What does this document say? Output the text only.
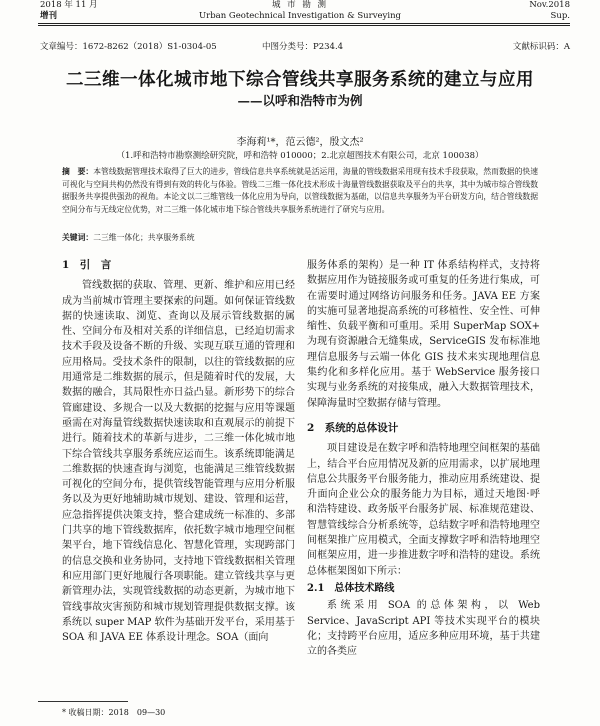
2018 年 11 月
增刊
城 市 勘 测
Urban Geotechnical Investigation & Surveying
Nov.2018
Sup.
文章编号：1672-8262（2018）S1-0304-05	中图分类号：P234.4	文献标识码：A
二三维一体化城市地下综合管线共享服务系统的建立与应用
——以呼和浩特市为例
李海莉¹*，范云德²，殷文杰²
（1.呼和浩特市勘察测绘研究院，呼和浩特 010000；2.北京超图技术有限公司，北京 100038）
摘　要：本管线数据管理技术取得了巨大的进步，管线信息共享系统就是活运用，海量的管线数据采用现有技术手段获取，然而数据的快速可视化与空间共构仍然没有得到有效的转化与体验。管线二三维一体化技术形成十海量管线数据获取及平台的共享，其中为城市综合管线数据服务共享提供强劲的视角。本论文以二三维管线一体化应用为导向，以管线数据为基础，以信息共享服务为平台研发方向，结合管线数据空间分布与无线定位优势，对二三维一体化城市地下综合管线共享服务系统进行了研究与应用。
关键词：二三维一体化；共享服务系统
1　引　言

管线数据的获取、管理、更新、维护和应用已经成为当前城市管理主要探索的问题。如何保证管线数据的快速读取、浏览、查询以及展示管线数据的属性、空间分布及相对关系的详细信息，已经迫切需求技术手段及设备不断的升级、实现互联互通的管理和应用格局。受技术条件的限制，以往的管线数据的应用通常是二维数据的展示，但是随着时代的发展，大数据的融合，其局限性亦日益凸显。新形势下的综合管廊建设、多规合一以及大数据的挖掘与应用等课题亟需在对海量管线数据快速读取和直观展示的前提下进行。随着技术的革新与进步，二三维一体化城市地下综合管线共享服务系统应运而生。该系统即能满足二维数据的快速查询与浏览，也能满足三维管线数据可视化的空间分布，提供管线智能管理与应用分析服务以及为更好地辅助城市规划、建设、管理和运营，应急指挥提供决策支持，整合建成统一标准的、多部门共享的地下管线数据库，依托数字城市地理空间框架平台，地下管线信息化、智慧化管理，实现跨部门的信息交换和业务协同，支持地下管线数据相关管理和应用部门更好地履行各项职能。建立管线共享与更新管理办法，实现管线数据的动态更新，为城市地下管线事故灾害预防和城市规划管理提供数据支撑。该系统以 super MAP 软件为基础开发平台，采用基于 SOA 和 JAVA EE 体系设计理念。SOA（面向

服务体系的架构）是一种 IT 体系结构样式，支持将数据应用作为链接服务或可重复的任务进行集成，可在需要时通过网络访问服务和任务。JAVA EE 方案的实施可显著地提高系统的可移植性、安全性、可伸缩性、负载平衡和可重用。采用 SuperMap SOX+ 为现有资源融合无缝集成，ServiceGIS 发布标准地理信息服务与云端一体化 GIS 技术来实现地理信息集约化和多样化应用。基于 WebService 服务接口实现与业务系统的对接集成，融入大数据管理技术，保障海量时空数据存储与管理。

2　系统的总体设计

项目建设是在数字呼和浩特地理空间框架的基础上，结合平台应用情况及新的应用需求，以扩展地理信息公共服务平台服务能力，推动应用系统建设、提升面向企业公众的服务能力为目标，通过天地图·呼和浩特建设、政务版平台服务扩展、标准规范建设、智慧管线综合分析系统等，总结数字呼和浩特地理空间框架推广应用模式，全面支撑数字呼和浩特地理空间框架应用，进一步推进数字呼和浩特的建设。系统总体框架图如下所示：

2.1　总体技术路线

系统采用 SOA 的总体架构，以 Web Service、JavaScript API 等技术实现平台的模块化；支持跨平台应用，适应多种应用环境，基于共建立的各类应

* 收稿日期：2018　09—30
